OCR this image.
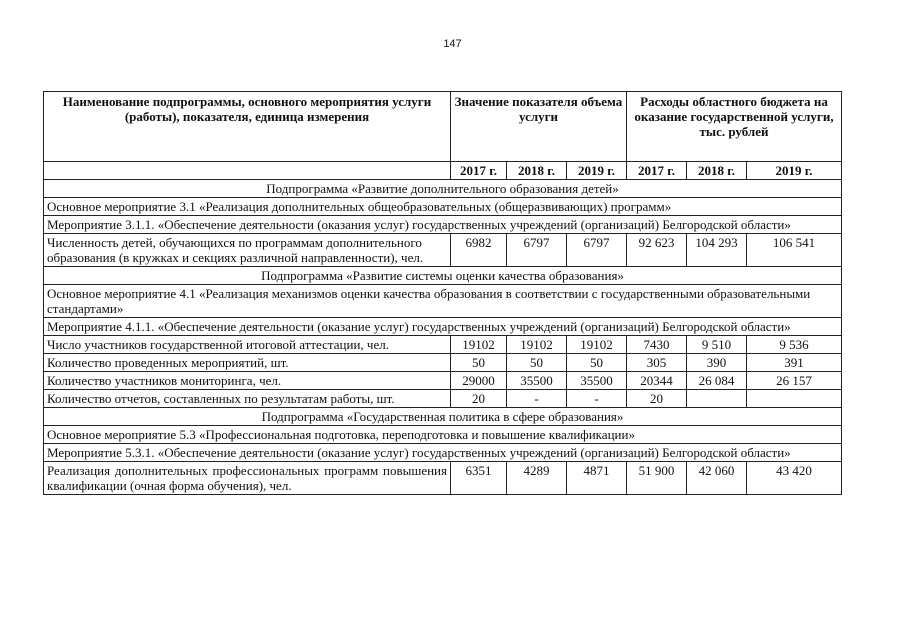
147
Наименование подпрограммы, основного мероприятия услуги (работы), показателя, единица измерения	Значение показателя объема услуги			Расходы областного бюджета на оказание государственной услуги, тыс. рублей		
	2017 г.	2018 г.	2019 г.	2017 г.	2018 г.	2019 г.
Подпрограмма «Развитие дополнительного образования детей»						
Основное мероприятие 3.1 «Реализация дополнительных общеобразовательных (общеразвивающих) программ»						
Мероприятие 3.1.1. «Обеспечение деятельности (оказания услуг) государственных учреждений (организаций) Белгородской области»						
Численность детей, обучающихся по программам дополнительного образования (в кружках и секциях различной направленности), чел.	6982	6797	6797	92 623	104 293	106 541
Подпрограмма «Развитие системы оценки качества образования»						
Основное мероприятие 4.1 «Реализация механизмов оценки качества образования в соответствии с государственными образовательными стандартами»						
Мероприятие 4.1.1. «Обеспечение деятельности (оказание услуг) государственных учреждений (организаций) Белгородской области»						
Число участников государственной итоговой аттестации, чел.	19102	19102	19102	7430	9 510	9 536
Количество проведенных мероприятий, шт.	50	50	50	305	390	391
Количество участников мониторинга, чел.	29000	35500	35500	20344	26 084	26 157
Количество отчетов, составленных по результатам работы, шт.	20	-	-	20		
Подпрограмма «Государственная политика в сфере образования»						
Основное мероприятие 5.3 «Профессиональная подготовка, переподготовка и повышение квалификации»						
Мероприятие 5.3.1. «Обеспечение деятельности (оказание услуг) государственных учреждений (организаций) Белгородской области»						
Реализация дополнительных профессиональных программ повышения квалификации (очная форма обучения), чел.	6351	4289	4871	51 900	42 060	43 420
